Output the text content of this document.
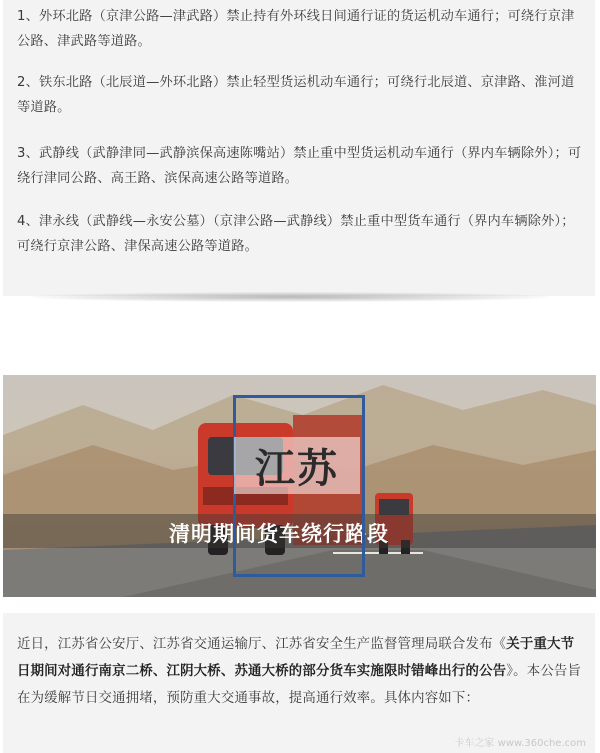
1、外环北路（京津公路—津武路）禁止持有外环线日间通行证的货运机动车通行；可绕行京津公路、津武路等道路。

2、铁东北路（北辰道—外环北路）禁止轻型货运机动车通行；可绕行北辰道、京津路、淮河道等道路。

3、武静线（武静津同—武静滨保高速陈嘴站）禁止重中型货运机动车通行（界内车辆除外）；可绕行津同公路、高王路、滨保高速公路等道路。

4、津永线（武静线—永安公墓）（京津公路—武静线）禁止重中型货车通行（界内车辆除外）；可绕行京津公路、津保高速公路等道路。

清明期间货车绕行路段
江苏

近日，江苏省公安厅、江苏省交通运输厅、江苏省安全生产监督管理局联合发布《关于重大节日期间对通行南京二桥、江阴大桥、苏通大桥的部分货车实施限时错峰出行的公告》。本公告旨在为缓解节日交通拥堵，预防重大交通事故，提高通行效率。具体内容如下：

卡车之家 www.360che.com
